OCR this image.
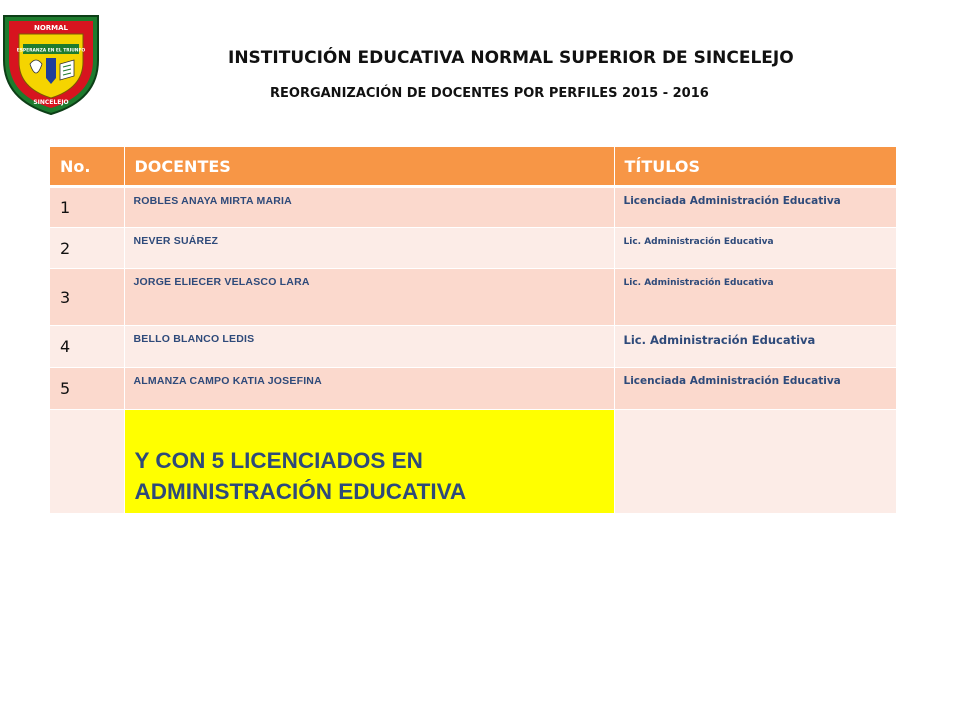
NORMAL
ESPERANZA EN EL TRIUNFO
SINCELEJO
INSTITUCIÓN EDUCATIVA NORMAL SUPERIOR DE SINCELEJO
REORGANIZACIÓN DE DOCENTES POR PERFILES 2015 - 2016
No.	DOCENTES	TÍTULOS
1	ROBLES ANAYA MIRTA MARIA	Licenciada Administración Educativa
2	NEVER SUÁREZ	Lic. Administración Educativa
3	JORGE ELIECER VELASCO LARA	Lic. Administración Educativa
4	BELLO BLANCO LEDIS	Lic. Administración Educativa
5	ALMANZA CAMPO KATIA JOSEFINA	Licenciada Administración Educativa
	Y CON 5 LICENCIADOS EN ADMINISTRACIÓN EDUCATIVA	
